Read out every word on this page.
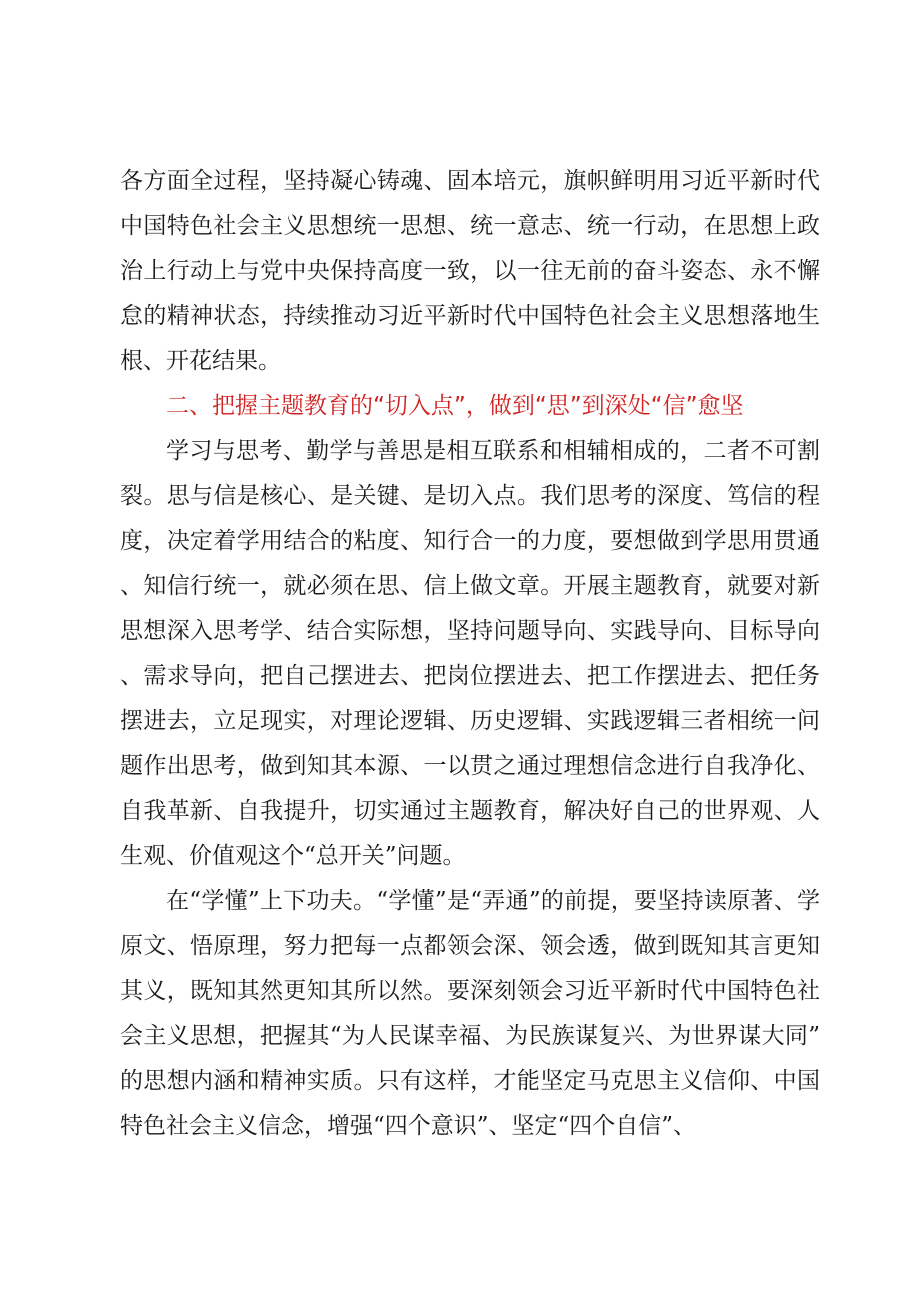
各方面全过程，坚持凝心铸魂、固本培元，旗帜鲜明用习近平新时代中国特色社会主义思想统一思想、统一意志、统一行动，在思想上政治上行动上与党中央保持高度一致，以一往无前的奋斗姿态、永不懈怠的精神状态，持续推动习近平新时代中国特色社会主义思想落地生根、开花结果。

二、把握主题教育的“切入点”，做到“思”到深处“信”愈坚

学习与思考、勤学与善思是相互联系和相辅相成的，二者不可割裂。思与信是核心、是关键、是切入点。我们思考的深度、笃信的程度，决定着学用结合的粘度、知行合一的力度，要想做到学思用贯通、知信行统一，就必须在思、信上做文章。开展主题教育，就要对新思想深入思考学、结合实际想，坚持问题导向、实践导向、目标导向、需求导向，把自己摆进去、把岗位摆进去、把工作摆进去、把任务摆进去，立足现实，对理论逻辑、历史逻辑、实践逻辑三者相统一问题作出思考，做到知其本源、一以贯之通过理想信念进行自我净化、自我革新、自我提升，切实通过主题教育，解决好自己的世界观、人生观、价值观这个“总开关”问题。

在“学懂”上下功夫。“学懂”是“弄通”的前提，要坚持读原著、学原文、悟原理，努力把每一点都领会深、领会透，做到既知其言更知其义，既知其然更知其所以然。要深刻领会习近平新时代中国特色社会主义思想，把握其“为人民谋幸福、为民族谋复兴、为世界谋大同”的思想内涵和精神实质。只有这样，才能坚定马克思主义信仰、中国特色社会主义信念，增强“四个意识”、坚定“四个自信”、
